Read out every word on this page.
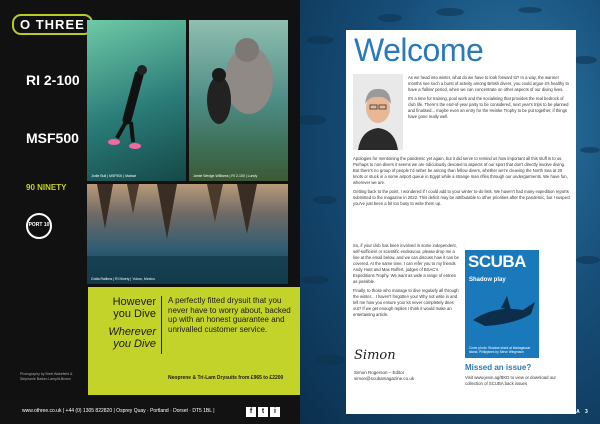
O THREE
RI 2-100
MSF500
90 NINETY
PORT 10
Jodie Bull | MSF500 | Malawi	Jamie Wedge-Williams | RI 2-100 | Lundy
Gotta Rallima | RI Ninety | Yukon, Mexico
However you Dive
Wherever you Dive
A perfectly fitted drysuit that you never have to worry about, backed up with an honest guarantee and unrivalled customer service.
Neoprene & Tri-Lam Drysuits from £965 to £2200
Photography by Brett Wakefield & Stephanie Barker-Lampitt-Brown
www.othree.co.uk | +44 (0) 1305 822820 | Osprey Quay · Portland · Dorset · DT5 1BL |	f	t	i
Welcome

As we head into winter, what do we have to look forward to? In a way, the warmer months see such a burst of activity among British divers, you could argue it's healthy to have a 'fallow' period, when we can concentrate on other aspects of our diving lives.

It's a time for training, pool work and the socialising that provides the real bedrock of club life. There's the end-of-year party to be considered, next year's trips to be planned and finalised... maybe even an entry for the Heinke Trophy to be put together, if things have gone really well.

Apologies for mentioning the pandemic yet again, but it did serve to remind us how important all this stuff is to us. Perhaps to non-divers it seems we are ridiculously devoted to aspects of our sport that don't directly involve diving. But there's no group of people I'd rather be among than fellow divers, whether we're cleaving the North Sea at 20 knots or stuck in a some airport queue in Egypt while a strange man rifles through our undergarments. We have fun, wherever we are.

Getting back to the point, I wondered if I could add to your winter to-do lists. We haven't had many expedition reports submitted to the magazine in 2022. This deficit may be attributable to other priorities after the pandemic, but I suspect you've just been a bit too busy to write them up.

So, if your club has been involved in some independent, self-sufficient or scientific endeavour, please drop me a line at the email below, and we can discuss how it can be covered. At the same time, I can refer you to my friends Andy Hunt and Max Ruffert, judges of BSAC's Expeditions Trophy. We want as wide a range of entries as possible.

Finally, to those who manage to dive regularly all through the winter... I haven't forgotten you! Why not write in and tell me how you ensure your kit never completely dries out? If we get enough replies I think it would make an entertaining article.

Simon
Simon Rogerson – Editor
simon@scubamagazine.co.uk
SCUBA
Shadow play
Cover photo: Shadow shark at Madagascar island, Philippines by Steve Wiegmann
Missed an issue?
Visit www.jevin.ag/BKD to view or download our collection of SCUBA back issues
SCUBA 3
